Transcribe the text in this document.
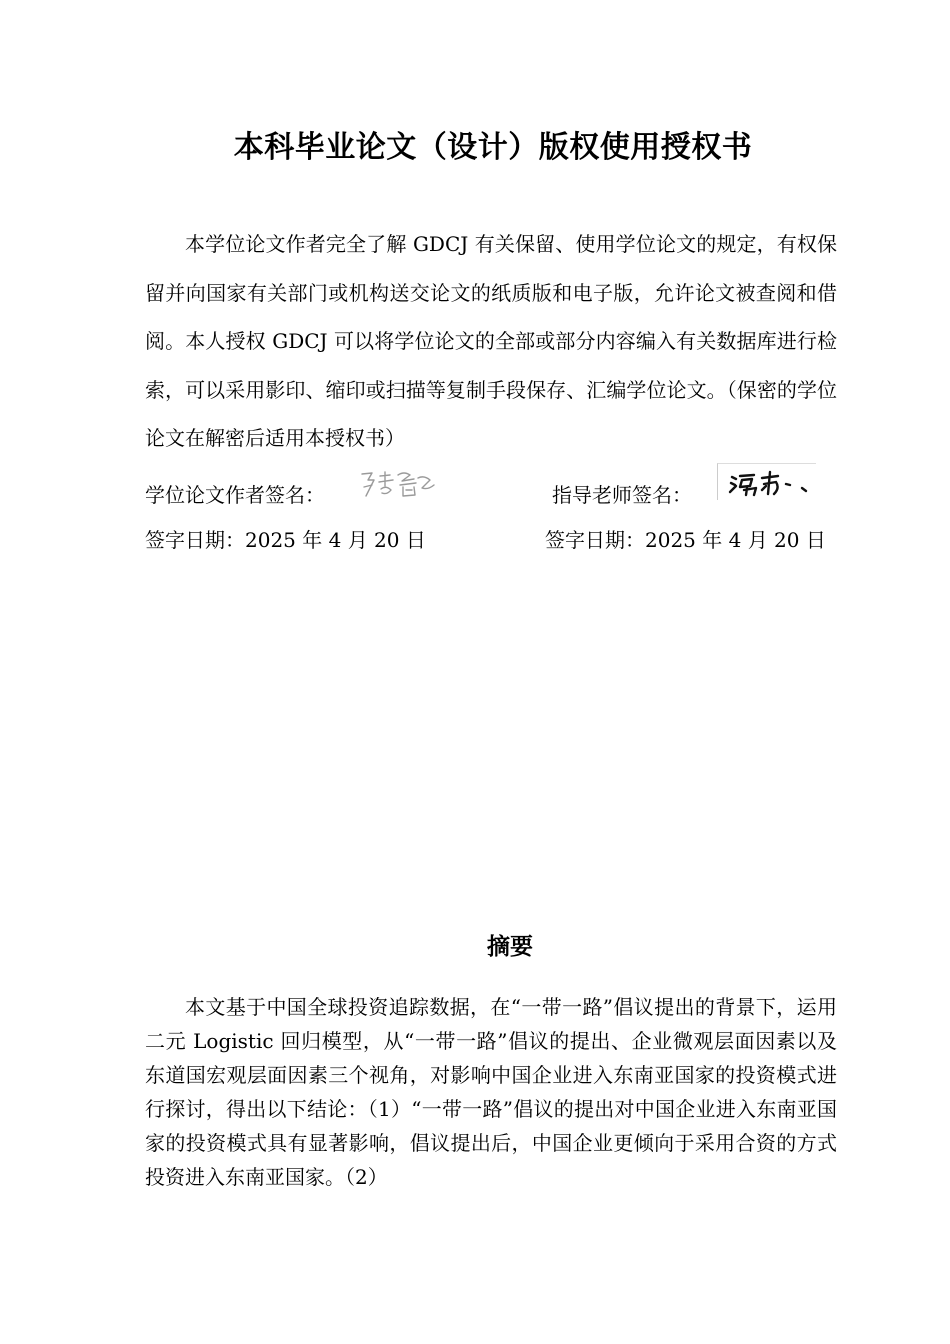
本科毕业论文（设计）版权使用授权书

本学位论文作者完全了解 GDCJ 有关保留、使用学位论文的规定，有权保留并向国家有关部门或机构送交论文的纸质版和电子版，允许论文被查阅和借阅。本人授权 GDCJ 可以将学位论文的全部或部分内容编入有关数据库进行检索，可以采用影印、缩印或扫描等复制手段保存、汇编学位论文。（保密的学位论文在解密后适用本授权书）

学位论文作者签名：	指导老师签名：
签字日期：2025 年 4 月 20 日	签字日期：2025 年 4 月 20 日
摘要

本文基于中国全球投资追踪数据，在“一带一路”倡议提出的背景下，运用二元 Logistic 回归模型，从“一带一路”倡议的提出、企业微观层面因素以及东道国宏观层面因素三个视角，对影响中国企业进入东南亚国家的投资模式进行探讨，得出以下结论：（1）“一带一路”倡议的提出对中国企业进入东南亚国家的投资模式具有显著影响，倡议提出后，中国企业更倾向于采用合资的方式投资进入东南亚国家。（2）
